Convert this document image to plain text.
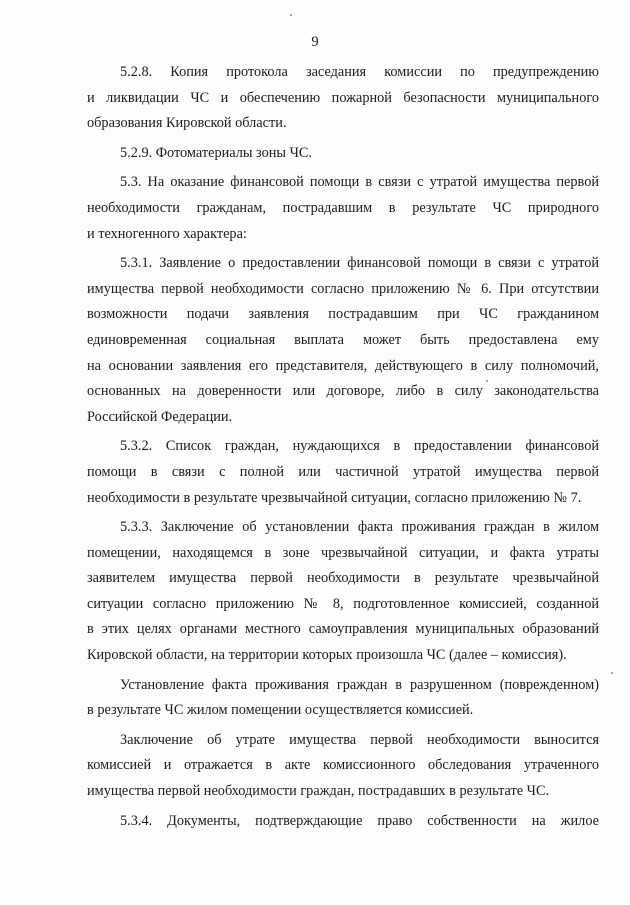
9
5.2.8. Копия протокола заседания комиссии по предупреждению
и ликвидации ЧС и обеспечению пожарной безопасности муниципального
образования Кировской области.
5.2.9. Фотоматериалы зоны ЧС.
5.3. На оказание финансовой помощи в связи с утратой имущества первой
необходимости гражданам, пострадавшим в результате ЧС природного
и техногенного характера:
5.3.1. Заявление о предоставлении финансовой помощи в связи с утратой
имущества первой необходимости согласно приложению № 6. При отсутствии
возможности подачи заявления пострадавшим при ЧС гражданином
единовременная социальная выплата может быть предоставлена ему
на основании заявления его представителя, действующего в силу полномочий,
основанных на доверенности или договоре, либо в силу законодательства
Российской Федерации.
5.3.2. Список граждан, нуждающихся в предоставлении финансовой
помощи в связи с полной или частичной утратой имущества первой
необходимости в результате чрезвычайной ситуации, согласно приложению № 7.
5.3.3. Заключение об установлении факта проживания граждан в жилом
помещении, находящемся в зоне чрезвычайной ситуации, и факта утраты
заявителем имущества первой необходимости в результате чрезвычайной
ситуации согласно приложению № 8, подготовленное комиссией, созданной
в этих целях органами местного самоуправления муниципальных образований
Кировской области, на территории которых произошла ЧС (далее – комиссия).
Установление факта проживания граждан в разрушенном (поврежденном)
в результате ЧС жилом помещении осуществляется комиссией.
Заключение об утрате имущества первой необходимости выносится
комиссией и отражается в акте комиссионного обследования утраченного
имущества первой необходимости граждан, пострадавших в результате ЧС.
5.3.4. Документы, подтверждающие право собственности на жилое
